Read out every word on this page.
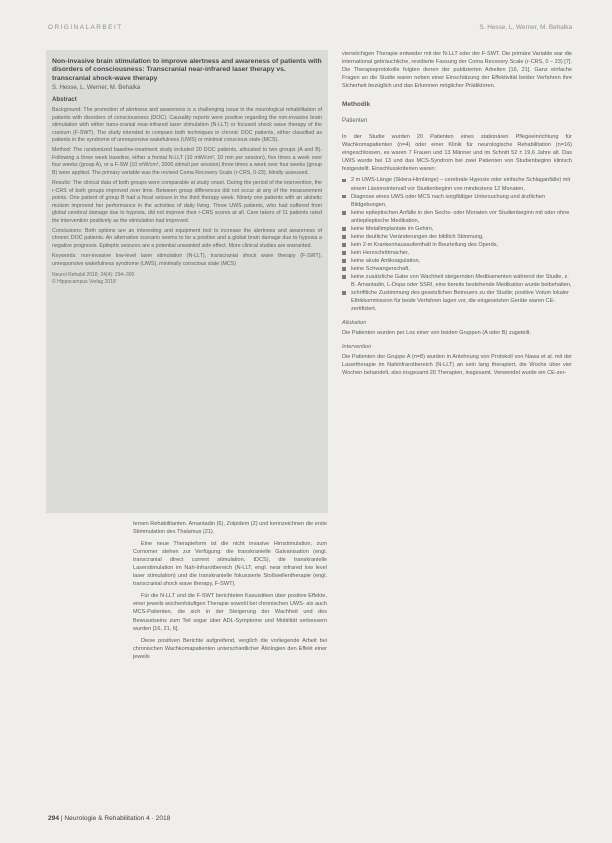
ORIGINALARBEIT	S. Hesse, L. Werner, M. Behalka
Non-invasive brain stimulation to improve alertness and awareness of patients with disorders of consciousness: Transcranial near-infrared laser therapy vs. transcranial shock-wave therapy
S. Hesse, L. Werner, M. Behalka
Abstract
Background: The promotion of alertness and awareness is a challenging issue in the neurological rehabilitation of patients with disorders of consciousness (DOC). Causality reports were positive regarding the non-invasive brain stimulation with either trans-cranial near-infrared laser stimulation (N-LLT) or focused shock wave therapy of the cranium (F-SWT). The study intended to compare both techniques in chronic DOC patients, either classified as patients in the syndrome of unresponsive wakefulness (UWS) or minimal conscious state (MCS).
Method: The randomized baseline-treatment study included 20 DOC patients, allocated to two groups (A and B). Following a three week baseline, either a frontal N-LLT (10 mW/cm², 10 min per session), five times a week over four weeks (group A), or a F-SW (10 mW/cm², 2000 stimuli per session) three times a week over four weeks (group B) were applied. The primary variable was the revised Coma Recovery Scale (r-CRS, 0-23), blindly assessed.
Results: The clinical data of both groups were comparable at study onset. During the period of the intervention, the r-CRS of both groups improved over time. Between group differences did not occur at any of the measurement points. One patient of group B had a focal seizure in the third therapy week. Ninety one patients with an akinetic mutism improved her performance in the activities of daily living. Three UWS patients, who had suffered from global cerebral damage due to hypoxia, did not improve their r-CRS scores at all. Care takers of 11 patients rated the intervention positively as the stimulation had improved.
Conclusions: Both options are an interesting and equipment tool to increase the alertness and awareness of chronic DOC patients. An alternative scenario seems to be a positive and a global brain damage due to hypoxia a negative prognosis. Epileptic seizures are a potential unwanted side effect. More clinical studies are warranted.
Keywords: non-invasive low-level laser stimulation (N-LLT), transcranial shock wave therapy (F-SWT), unresponsive wakefulness syndrome (UWS), minimally conscious state (MCS)
Neurol Rehabil 2018; 24(4): 294–300
© Hippocampus Verlag 2018

ternen Rehabilitanten. Amantadin (6), Zolpidem (2) und kennzeichnen die erste Stimmulation des Thalamus (21).

Eine neue Therapieform ist die nicht invasive Hirnstimulation, zum Cornomer stehen zur Verfügung: die transkranielle Galvanisation (engl. transcranial direct current stimulation, tDCS), die transkranielle Laserstimulation im Nah-Infrarotbereich (N-LLT, engl. near infrared low level laser stimulation) und die transkranielle fokussierte Stoßwellentherapie (engl. transcranial shock wave therapy, F-SWT).

Für die N-LLT und die F-SWT berichteten Kasuistiken über positive Effekte, einer jeweils wochenhäufigen Therapie sowohl bei chronischen UWS- als auch MCS-Patienten, die sich in der Steigerung der Wachheit und des Bewusstseins zum Teil sogar über ADL-Symptome und Mobilität verbessern wurden [16, 21, 6].

Diese positiven Berichte aufgreifend, verglich die vorliegende Arbeit bei chronischen Wachkomapatienten unterschiedlicher Ätiologien den Effekt einer jeweils

vierwöchigen Therapie entweder mit der N-LLT oder der F-SWT. Die primäre Variable war die international gebräuchliche, revidierte Fassung der Coma Recovery Scale (r-CRS, 0 – 23) [7]. Die Therapieprotokolle folgten denen der publizierten Arbeiten [16, 21]. Ganz einfache Fragen an die Studie waren neben einer Einschätzung der Effektivität beider Verfahren ihre Sicherheit bezüglich und das Erkennen möglicher Prädiktoren.

Methodik
Patienten

In der Studie wurden 20 Patienten eines stationären Pflegeeinrichtung für Wachkomapatienten (n=4) oder einer Klinik für neurologische Rehabilitation (n=16) eingeschlossen, es waren 7 Frauen und 13 Männer und im Schnitt 52 ± 19,6 Jahre alt. Das UWS wurde bei 13 und das MCS-Syndrom bei zwei Patienten von Studienbeginn klinisch festgestellt. Einschlusskriterien waren:

2 m UWS-Länge (Sklera-Hirnlänge) – cerebrale Hypoxie oder einfache Schlaganfälle) mit einem Läsionsintervall vor Studienbeginn von mindestens 12 Monaten,
Diagnose eines UWS oder MCS nach sorgfältiger Untersuchung und ärztlichen Bildgebungen,
keine epileptischen Anfälle in den Sechs- oder Monaten vor Studienbeginn mit oder ohne antiepileptische Medikation,
keine Metallimplantate im Gehirn,
keine deutliche Veränderungen der bildlich Stimmung,
kein 2-m Krankenhausaufenthalt in Beurteilung des Operds,
kein Herzschrittmacher,
keine akute Antikoagulation,
keine Schwangerschaft,
keine zusätzliche Gabe von Wachheit steigernden Medikamenten während der Studie, z. B. Amantadin, L-Dopa oder SSRI, eine bereits bestehende Medikation wurde beibehalten,
schriftliche Zustimmung des gesetzlichen Betreuers zu der Studie; positive Votum lokaler Ethikkommission für beide Verfahren lagen vor, die eingesetzten Geräte waren CE-zertifiziert.
Allokation

Die Patienten wurden per Los einer von beiden Gruppen (A oder B) zugeteilt.

Intervention

Die Patienten der Gruppe A (n=8) wurden in Anlehnung von Protokoll von Nawa et al. mit der Lasertherapie im Nahinfrarotbereich (N-LLT) an sein lang therapiert, die Woche über vier Wochen behandelt, also insgesamt 20 Therapien, insgesamt. Verwendet wurde ein CE-zer-

294 | Neurologie & Rehabilitation 4 · 2018
